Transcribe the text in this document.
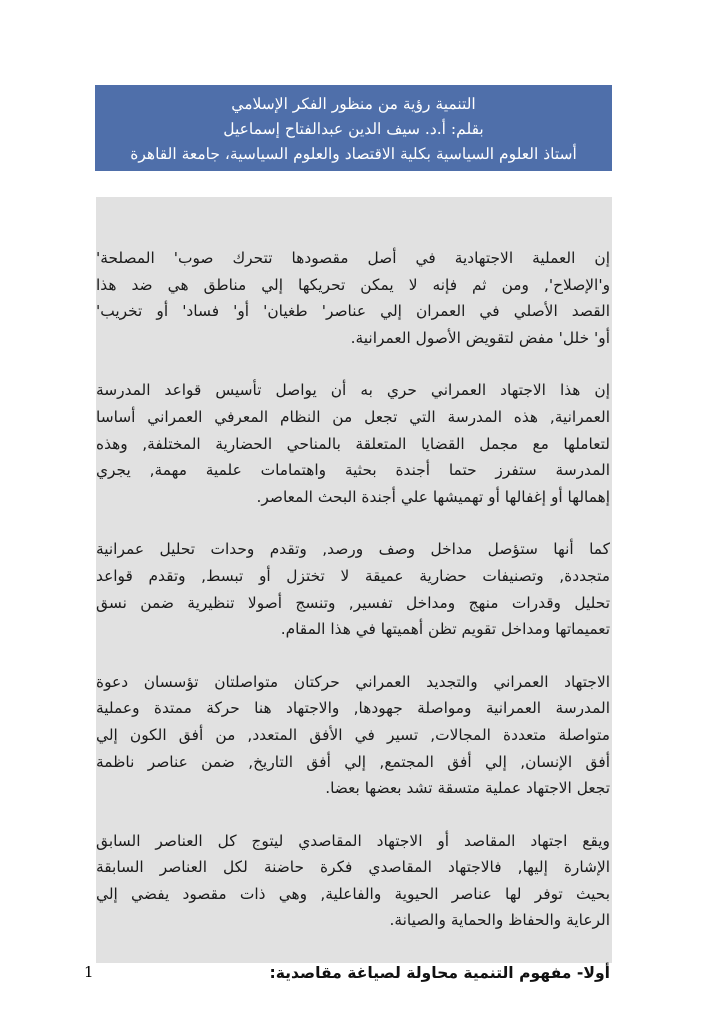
التنمية رؤية من منظور الفكر الإسلامي
بقلم: أ.د. سيف الدين عبدالفتاح إسماعيل
أستاذ العلوم السياسية بكلية الاقتصاد والعلوم السياسية، جامعة القاهرة
إن العملية الاجتهادية في أصل مقصودها تتحرك صوب' المصلحة'
و'الإصلاح', ومن ثم فإنه لا يمكن تحريكها إلي مناطق هي ضد هذا
القصد الأصلي في العمران إلي عناصر' طغيان' أو' فساد' أو تخريب'
أو' خلل' مفض لتقويض الأصول العمرانية.
إن هذا الاجتهاد العمراني حري به أن يواصل تأسيس قواعد المدرسة
العمرانية, هذه المدرسة التي تجعل من النظام المعرفي العمراني أساسا
لتعاملها مع مجمل القضايا المتعلقة بالمناحي الحضارية المختلفة, وهذه
المدرسة ستفرز حتما أجندة بحثية واهتمامات علمية مهمة, يجري
إهمالها أو إغفالها أو تهميشها علي أجندة البحث المعاصر.
كما أنها ستؤصل مداخل وصف ورصد, وتقدم وحدات تحليل عمرانية
متجددة, وتصنيفات حضارية عميقة لا تختزل أو تبسط, وتقدم قواعد
تحليل وقدرات منهج ومداخل تفسير, وتنسج أصولا تنظيرية ضمن نسق
تعميماتها ومداخل تقويم تظن أهميتها في هذا المقام.
الاجتهاد العمراني والتجديد العمراني حركتان متواصلتان تؤسسان دعوة
المدرسة العمرانية ومواصلة جهودها, والاجتهاد هنا حركة ممتدة وعملية
متواصلة متعددة المجالات, تسير في الأفق المتعدد, من أفق الكون إلي
أفق الإنسان, إلي أفق المجتمع, إلي أفق التاريخ, ضمن عناصر ناظمة
تجعل الاجتهاد عملية متسقة تشد بعضها بعضا.
ويقع اجتهاد المقاصد أو الاجتهاد المقاصدي ليتوج كل العناصر السابق
الإشارة إليها, فالاجتهاد المقاصدي فكرة حاضنة لكل العناصر السابقة
بحيث توفر لها عناصر الحيوية والفاعلية, وهي ذات مقصود يفضي إلي
الرعاية والحفاظ والحماية والصيانة.
أولا- مفهوم التنمية محاولة لصياغة مقاصدية:
1
